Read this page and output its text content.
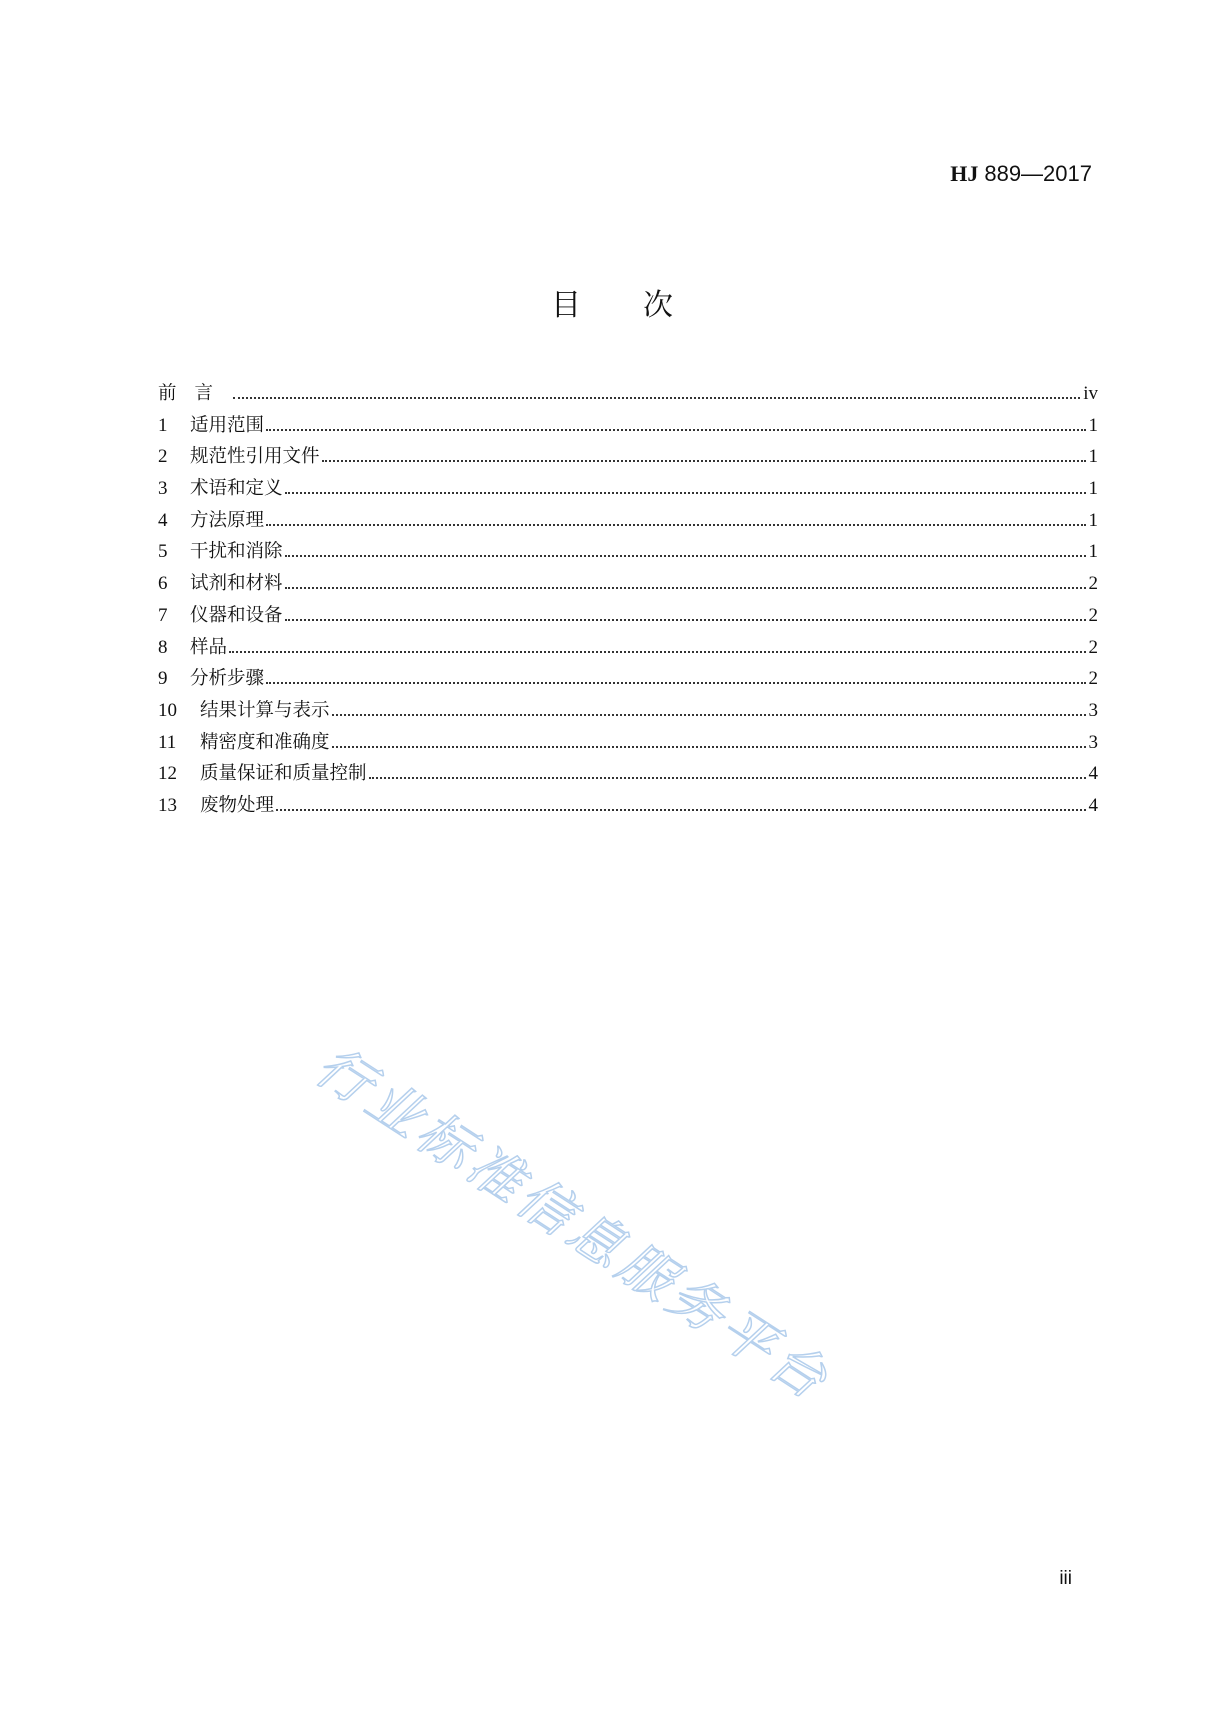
HJ 889—2017
目次
前言	iv
1	适用范围	1
2	规范性引用文件	1
3	术语和定义	1
4	方法原理	1
5	干扰和消除	1
6	试剂和材料	2
7	仪器和设备	2
8	样品	2
9	分析步骤	2
10	结果计算与表示	3
11	精密度和准确度	3
12	质量保证和质量控制	4
13	废物处理	4
行业标准信息服务平台
iii
